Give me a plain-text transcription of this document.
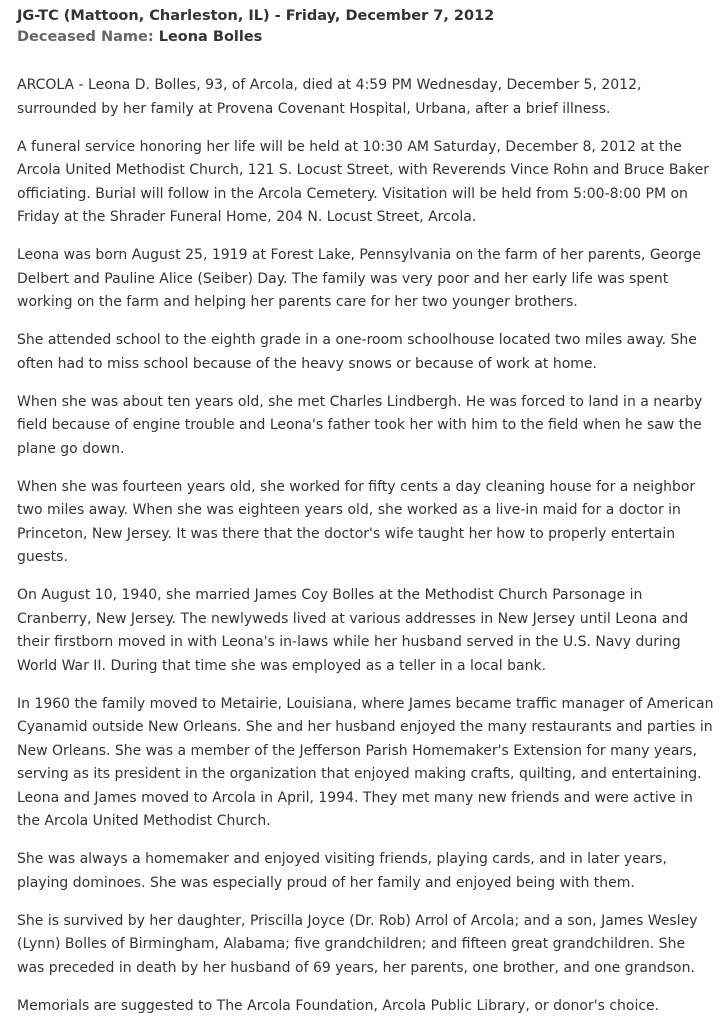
JG-TC (Mattoon, Charleston, IL) - Friday, December 7, 2012
Deceased Name: Leona Bolles

ARCOLA - Leona D. Bolles, 93, of Arcola, died at 4:59 PM Wednesday, December 5, 2012, surrounded by her family at Provena Covenant Hospital, Urbana, after a brief illness.

A funeral service honoring her life will be held at 10:30 AM Saturday, December 8, 2012 at the Arcola United Methodist Church, 121 S. Locust Street, with Reverends Vince Rohn and Bruce Baker officiating. Burial will follow in the Arcola Cemetery. Visitation will be held from 5:00-8:00 PM on Friday at the Shrader Funeral Home, 204 N. Locust Street, Arcola.

Leona was born August 25, 1919 at Forest Lake, Pennsylvania on the farm of her parents, George Delbert and Pauline Alice (Seiber) Day. The family was very poor and her early life was spent working on the farm and helping her parents care for her two younger brothers.

She attended school to the eighth grade in a one-room schoolhouse located two miles away. She often had to miss school because of the heavy snows or because of work at home.

When she was about ten years old, she met Charles Lindbergh. He was forced to land in a nearby field because of engine trouble and Leona's father took her with him to the field when he saw the plane go down.

When she was fourteen years old, she worked for fifty cents a day cleaning house for a neighbor two miles away. When she was eighteen years old, she worked as a live-in maid for a doctor in Princeton, New Jersey. It was there that the doctor's wife taught her how to properly entertain guests.

On August 10, 1940, she married James Coy Bolles at the Methodist Church Parsonage in Cranberry, New Jersey. The newlyweds lived at various addresses in New Jersey until Leona and their firstborn moved in with Leona's in-laws while her husband served in the U.S. Navy during World War II. During that time she was employed as a teller in a local bank.

In 1960 the family moved to Metairie, Louisiana, where James became traffic manager of American Cyanamid outside New Orleans. She and her husband enjoyed the many restaurants and parties in New Orleans. She was a member of the Jefferson Parish Homemaker's Extension for many years, serving as its president in the organization that enjoyed making crafts, quilting, and entertaining. Leona and James moved to Arcola in April, 1994. They met many new friends and were active in the Arcola United Methodist Church.

She was always a homemaker and enjoyed visiting friends, playing cards, and in later years, playing dominoes. She was especially proud of her family and enjoyed being with them.

She is survived by her daughter, Priscilla Joyce (Dr. Rob) Arrol of Arcola; and a son, James Wesley (Lynn) Bolles of Birmingham, Alabama; five grandchildren; and fifteen great grandchildren. She was preceded in death by her husband of 69 years, her parents, one brother, and one grandson.

Memorials are suggested to The Arcola Foundation, Arcola Public Library, or donor's choice.
